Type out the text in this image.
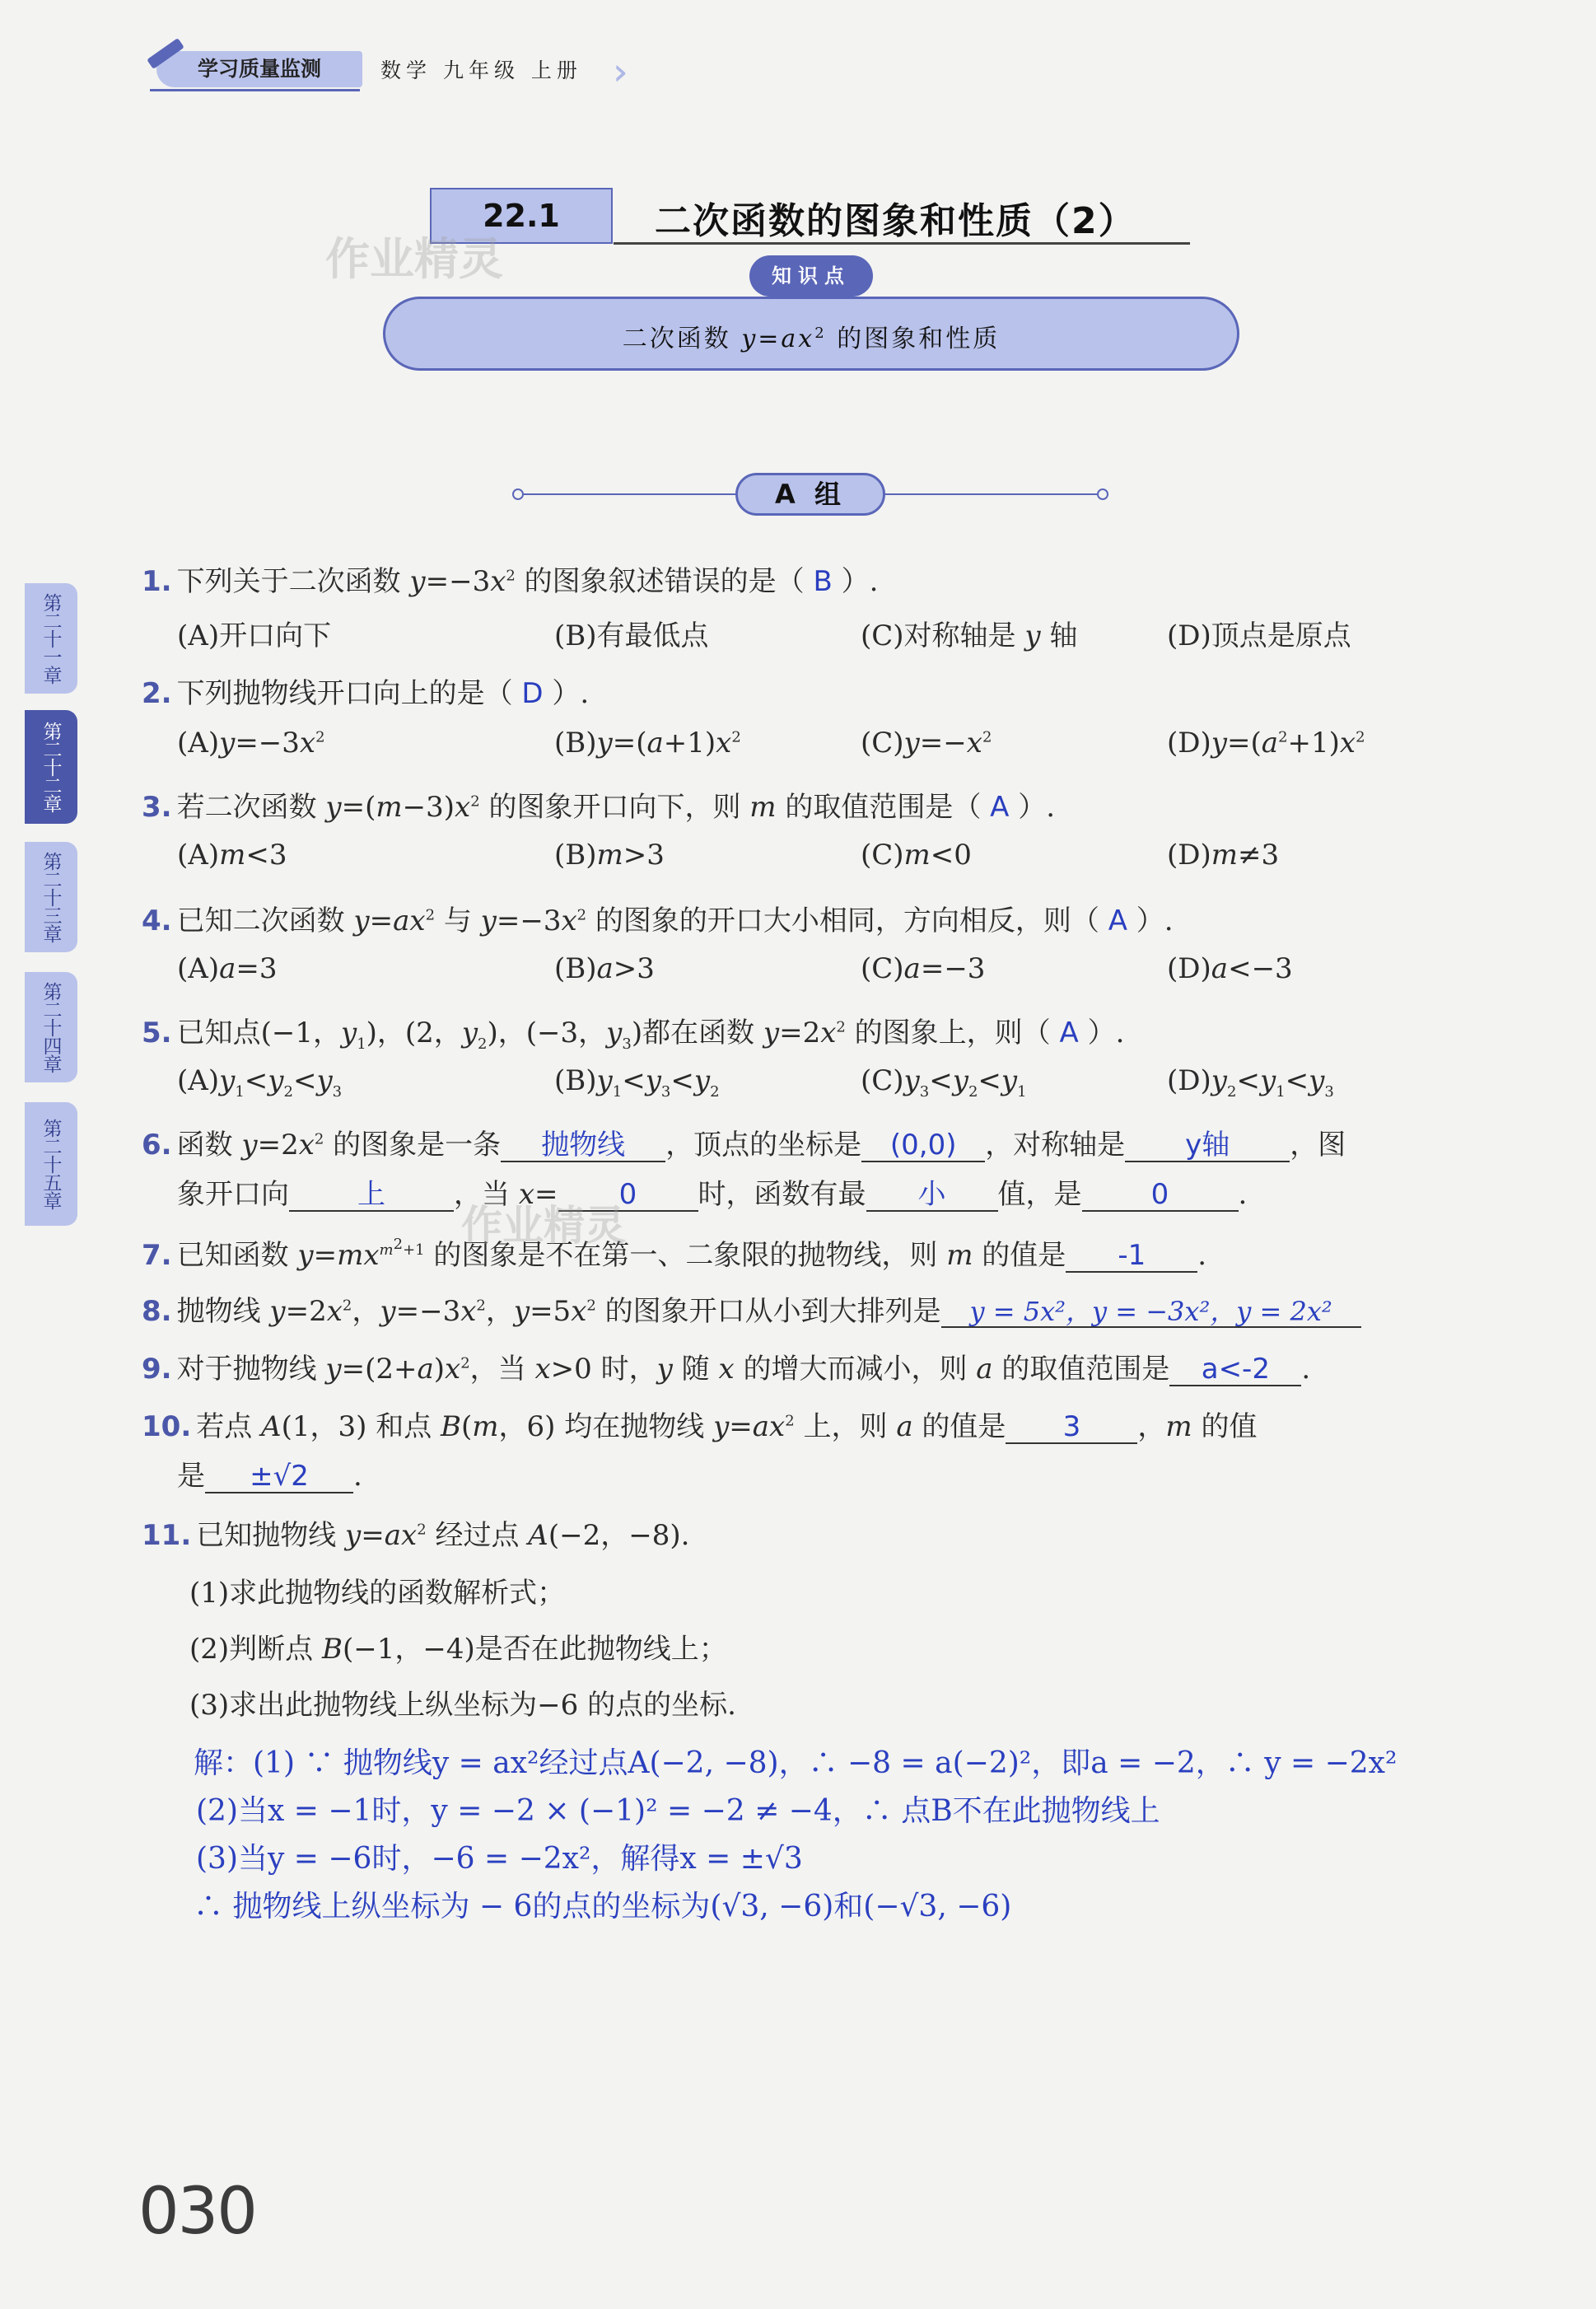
学习质量监测	数学 九年级 上册
22.1	二次函数的图象和性质（2）
作业精灵	知识点
二次函数 $y=ax^2$ 的图象和性质
A 组
第二十一章
第二十二章
第二十三章
第二十四章
第二十五章
1. 下列关于二次函数 $y=-3x^2$ 的图象叙述错误的是（ B ）.
(A)开口向下	(B)有最低点	(C)对称轴是 y 轴	(D)顶点是原点
2. 下列抛物线开口向上的是（ D ）.
$(A)y=-3x^2$	$(B)y=(a+1)x^2$	$(C)y=-x^2$	$(D)y=(a^2+1)x^2$
3. 若二次函数 $y=(m-3)x^2$ 的图象开口向下，则 m 的取值范围是（ A ）.
(A)m<3	(B)m>3	(C)m<0	(D)m≠3
4. 已知二次函数 $y=ax^2$ 与 $y=-3x^2$ 的图象的开口大小相同，方向相反，则（ A ）.
(A)a=3	(B)a>3	(C)a=−3	(D)a<−3
5. 已知点(−1，$y_1$)，(2，$y_2$)，(−3，$y_3$)都在函数 $y=2x^2$ 的图象上，则（ A ）.
$(A)y_1<y_2<y_3$	$(B)y_1<y_3<y_2$	$(C)y_3<y_2<y_1$	$(D)y_2<y_1<y_3$
6. 函数 $y=2x^2$ 的图象是一条 抛物线 ，顶点的坐标是 (0,0) ，对称轴是 y轴 ，图
象开口向 上 ，当 x= 0 时，函数有最 小 值，是 0 .
7. 已知函数 $y=mx^{m^2+1}$ 的图象是不在第一、二象限的抛物线，则 m 的值是 -1 .
作业精灵
8. 抛物线 $y=2x^2$，$y=-3x^2$，$y=5x^2$ 的图象开口从小到大排列是 y = 5x²，y = −3x²，y = 2x²
9. 对于抛物线 $y=(2+a)x^2$，当 x>0 时，y 随 x 的增大而减小，则 a 的取值范围是 a<-2 .
10. 若点 A(1，3) 和点 B(m，6) 均在抛物线 $y=ax^2$ 上，则 a 的值是 3 ，m 的值
是 ±√2 .
11. 已知抛物线 $y=ax^2$ 经过点 A(−2，−8).
(1)求此抛物线的函数解析式；
(2)判断点 B(−1，−4)是否在此抛物线上；
(3)求出此抛物线上纵坐标为−6 的点的坐标.
解：(1) ∵ 抛物线y = ax²经过点A(−2, −8)，∴ −8 = a(−2)²，即a = −2，∴ y = −2x²
(2)当x = −1时，y = −2 × (−1)² = −2 ≠ −4，∴ 点B不在此抛物线上
(3)当y = −6时，−6 = −2x²，解得x = ±√3
∴ 抛物线上纵坐标为 − 6的点的坐标为(√3, −6)和(−√3, −6)
030
